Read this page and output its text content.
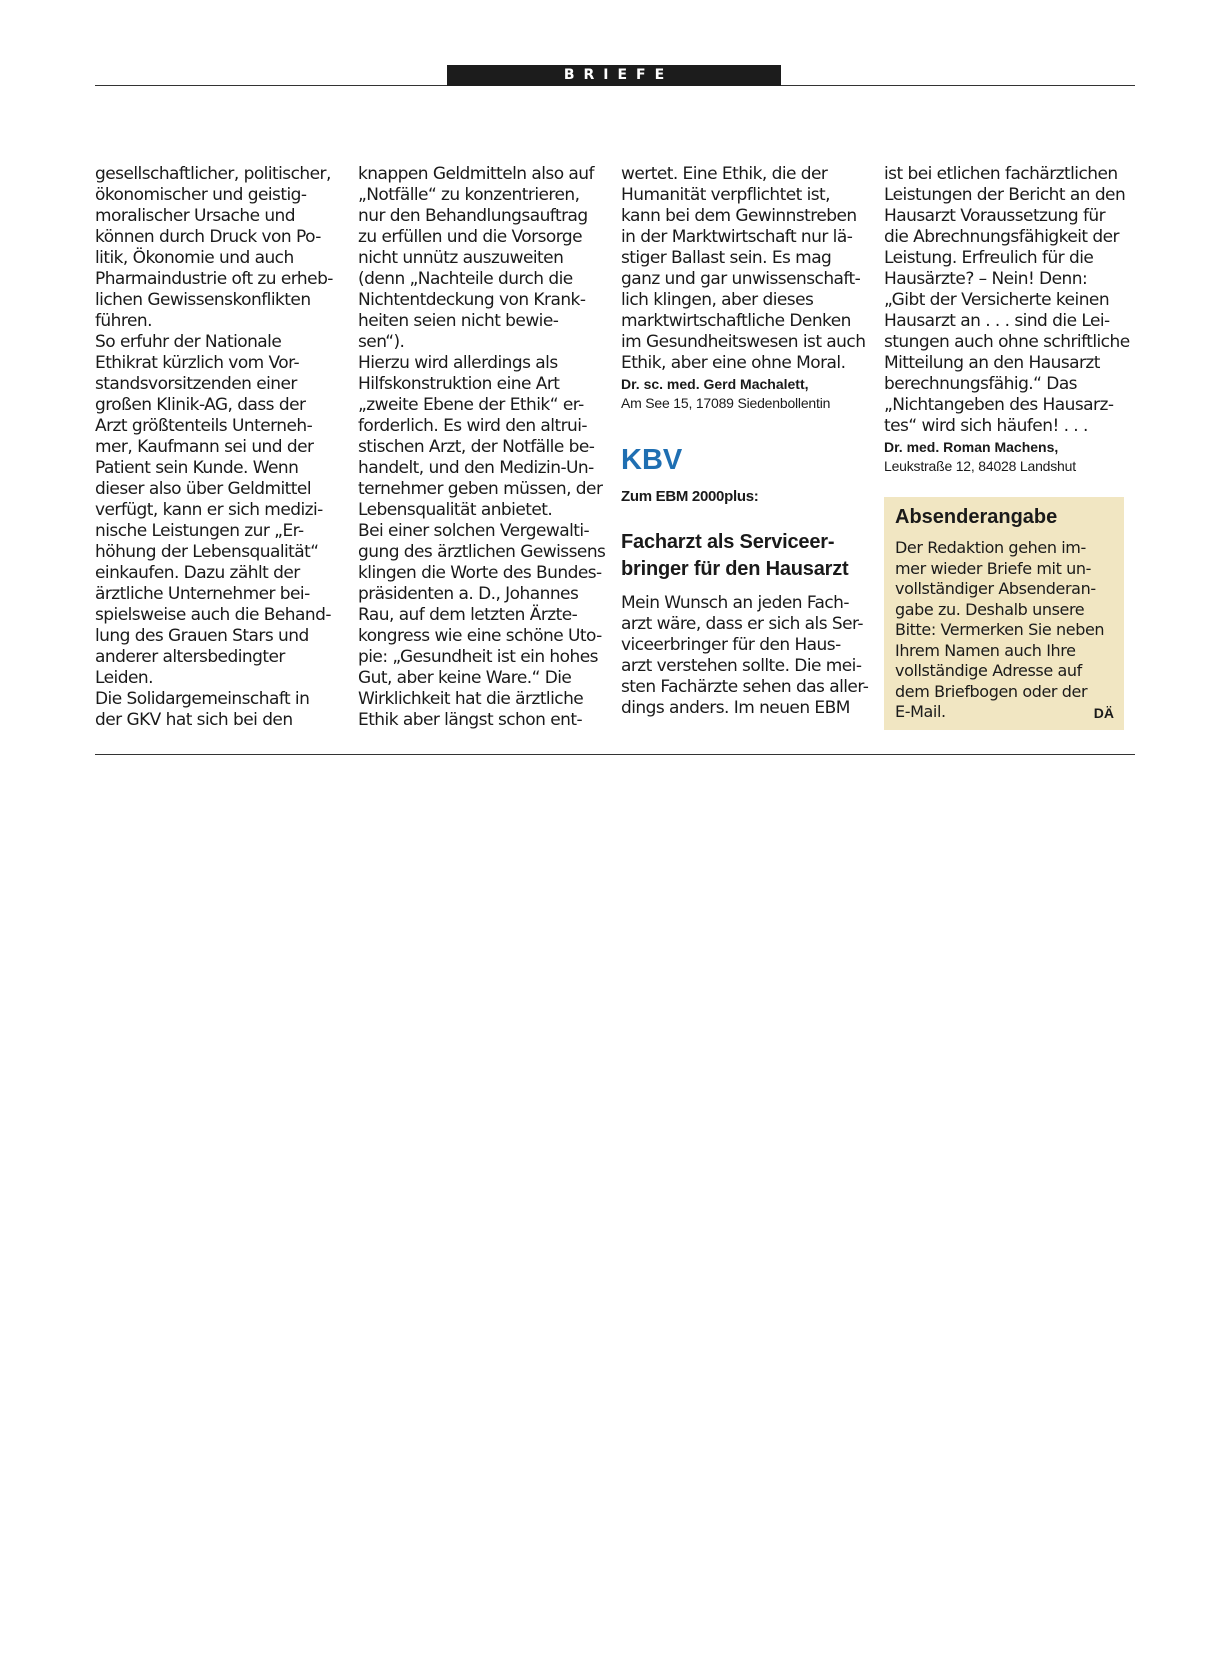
BRIEFE

gesellschaftlicher, politischer,
ökonomischer und geistig-
moralischer Ursache und
können durch Druck von Po-
litik, Ökonomie und auch
Pharmaindustrie oft zu erheb-
lichen Gewissenskonflikten
führen.

So erfuhr der Nationale
Ethikrat kürzlich vom Vor-
standsvorsitzenden einer
großen Klinik-AG, dass der
Arzt größtenteils Unterneh-
mer, Kaufmann sei und der
Patient sein Kunde. Wenn
dieser also über Geldmittel
verfügt, kann er sich medizi-
nische Leistungen zur „Er-
höhung der Lebensqualität“
einkaufen. Dazu zählt der
ärztliche Unternehmer bei-
spielsweise auch die Behand-
lung des Grauen Stars und
anderer altersbedingter
Leiden.

Die Solidargemeinschaft in
der GKV hat sich bei den

knappen Geldmitteln also auf
„Notfälle“ zu konzentrieren,
nur den Behandlungsauftrag
zu erfüllen und die Vorsorge
nicht unnütz auszuweiten
(denn „Nachteile durch die
Nichtentdeckung von Krank-
heiten seien nicht bewie-
sen“).

Hierzu wird allerdings als
Hilfskonstruktion eine Art
„zweite Ebene der Ethik“ er-
forderlich. Es wird den altrui-
stischen Arzt, der Notfälle be-
handelt, und den Medizin-Un-
ternehmer geben müssen, der
Lebensqualität anbietet.

Bei einer solchen Vergewalti-
gung des ärztlichen Gewissens
klingen die Worte des Bundes-
präsidenten a. D., Johannes
Rau, auf dem letzten Ärzte-
kongress wie eine schöne Uto-
pie: „Gesundheit ist ein hohes
Gut, aber keine Ware.“ Die
Wirklichkeit hat die ärztliche
Ethik aber längst schon ent-

wertet. Eine Ethik, die der
Humanität verpflichtet ist,
kann bei dem Gewinnstreben
in der Marktwirtschaft nur lä-
stiger Ballast sein. Es mag
ganz und gar unwissenschaft-
lich klingen, aber dieses
marktwirtschaftliche Denken
im Gesundheitswesen ist auch
Ethik, aber eine ohne Moral.

Dr. sc. med. Gerd Machalett,
Am See 15, 17089 Siedenbollentin
KBV
Zum EBM 2000plus:
Facharzt als Serviceer-
bringer für den Hausarzt

Mein Wunsch an jeden Fach-
arzt wäre, dass er sich als Ser-
viceerbringer für den Haus-
arzt verstehen sollte. Die mei-
sten Fachärzte sehen das aller-
dings anders. Im neuen EBM

ist bei etlichen fachärztlichen
Leistungen der Bericht an den
Hausarzt Voraussetzung für
die Abrechnungsfähigkeit der
Leistung. Erfreulich für die
Hausärzte? – Nein! Denn:
„Gibt der Versicherte keinen
Hausarzt an . . . sind die Lei-
stungen auch ohne schriftliche
Mitteilung an den Hausarzt
berechnungsfähig.“ Das
„Nichtangeben des Hausarz-
tes“ wird sich häufen! . . .

Dr. med. Roman Machens,
Leukstraße 12, 84028 Landshut
Absenderangabe
Der Redaktion gehen im-
mer wieder Briefe mit un-
vollständiger Absenderan-
gabe zu. Deshalb unsere
Bitte: Vermerken Sie neben
Ihrem Namen auch Ihre
vollständige Adresse auf
dem Briefbogen oder der
E-Mail.	DÄ
